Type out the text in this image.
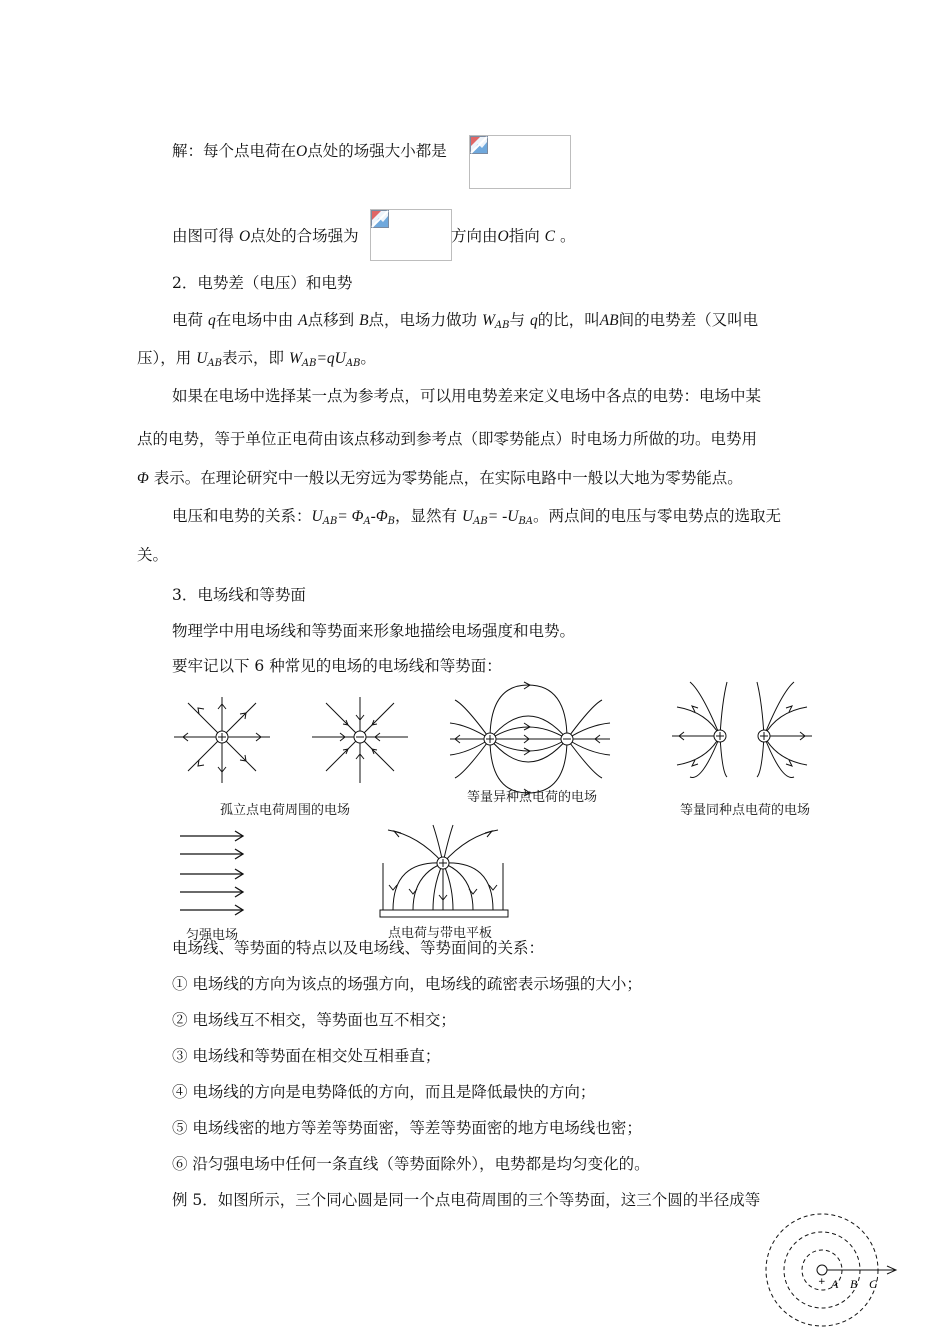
解：每个点电荷在O点处的场强大小都是
由图可得 O点处的合场强为	方向由O指向 C 。
2．电势差（电压）和电势
电荷 q在电场中由 A点移到 B点，电场力做功 $W_{AB}$与 q的比，叫AB间的电势差（又叫电
压），用 $U_{AB}$表示，即 $W_{AB}=qU_{AB}$。
如果在电场中选择某一点为参考点，可以用电势差来定义电场中各点的电势：电场中某
点的电势，等于单位正电荷由该点移动到参考点（即零势能点）时电场力所做的功。电势用
Φ 表示。在理论研究中一般以无穷远为零势能点，在实际电路中一般以大地为零势能点。
电压和电势的关系：$U_{AB}= \Phi_A-\Phi_B$，显然有 $U_{AB}= -U_{BA}$。两点间的电压与零电势点的选取无
关。
3．电场线和等势面
物理学中用电场线和等势面来形象地描绘电场强度和电势。
要牢记以下 6 种常见的电场的电场线和等势面：
孤立点电荷周围的电场
等量异种点电荷的电场
等量同种点电荷的电场
匀强电场	点电荷与带电平板
电场线、等势面的特点以及电场线、等势面间的关系：
① 电场线的方向为该点的场强方向，电场线的疏密表示场强的大小；
② 电场线互不相交，等势面也互不相交；
③ 电场线和等势面在相交处互相垂直；
④ 电场线的方向是电势降低的方向，而且是降低最快的方向；
⑤ 电场线密的地方等差等势面密，等差等势面密的地方电场线也密；
⑥ 沿匀强电场中任何一条直线（等势面除外），电势都是均匀变化的。
例 5．如图所示，三个同心圆是同一个点电荷周围的三个等势面，这三个圆的半径成等
+ A B C
